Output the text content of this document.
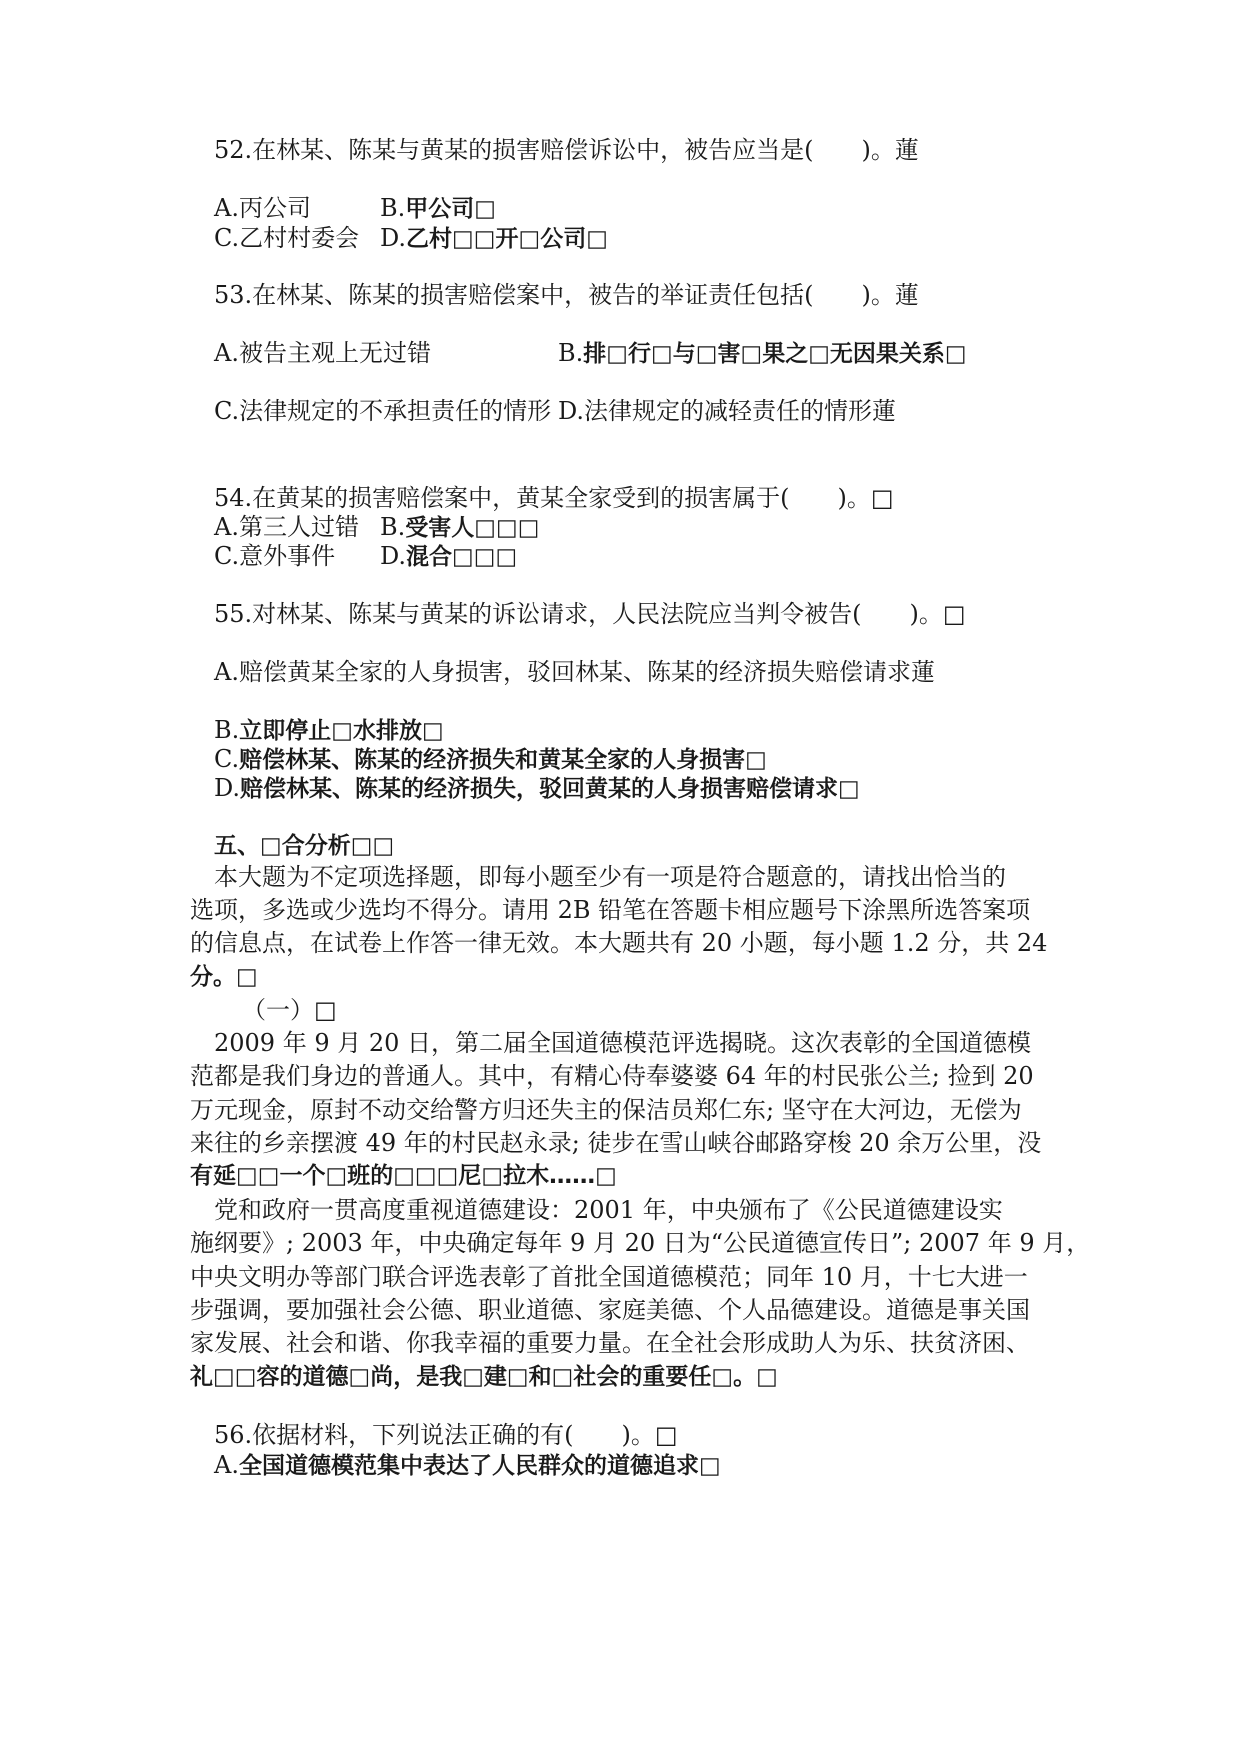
52.在林某、陈某与黄某的损害赔偿诉讼中，被告应当是(　　)。蓮
A.丙公司	B.甲公司□
C.乙村村委会 D.乙村□□开□公司□
53.在林某、陈某的损害赔偿案中，被告的举证责任包括(　　)。蓮
A.被告主观上无过错	B.排□行□与□害□果之□无因果关系□
C.法律规定的不承担责任的情形 D.法律规定的减轻责任的情形蓮
54.在黄某的损害赔偿案中，黄某全家受到的损害属于(　　)。□
A.第三人过错 B.受害人□□□
C.意外事件 D.混合□□□
55.对林某、陈某与黄某的诉讼请求，人民法院应当判令被告(　　)。□
A.赔偿黄某全家的人身损害，驳回林某、陈某的经济损失赔偿请求蓮
B.立即停止□水排放□
C.赔偿林某、陈某的经济损失和黄某全家的人身损害□
D.赔偿林某、陈某的经济损失，驳回黄某的人身损害赔偿请求□
五、□合分析□□
本大题为不定项选择题，即每小题至少有一项是符合题意的，请找出恰当的
选项，多选或少选均不得分。请用 2B 铅笔在答题卡相应题号下涂黑所选答案项
的信息点，在试卷上作答一律无效。本大题共有 20 小题，每小题 1.2 分，共 24
分。□
（一）□
2009 年 9 月 20 日，第二届全国道德模范评选揭晓。这次表彰的全国道德模
范都是我们身边的普通人。其中，有精心侍奉婆婆 64 年的村民张公兰; 捡到 20
万元现金，原封不动交给警方归还失主的保洁员郑仁东; 坚守在大河边，无偿为
来往的乡亲摆渡 49 年的村民赵永录; 徒步在雪山峡谷邮路穿梭 20 余万公里，没
有延□□一个□班的□□□尼□拉木……□
党和政府一贯高度重视道德建设：2001 年，中央颁布了《公民道德建设实
施纲要》; 2003 年，中央确定每年 9 月 20 日为“公民道德宣传日”; 2007 年 9 月，
中央文明办等部门联合评选表彰了首批全国道德模范；同年 10 月，十七大进一
步强调，要加强社会公德、职业道德、家庭美德、个人品德建设。道德是事关国
家发展、社会和谐、你我幸福的重要力量。在全社会形成助人为乐、扶贫济困、
礼□□容的道德□尚，是我□建□和□社会的重要任□。□
56.依据材料，下列说法正确的有(　　)。□
A.全国道德模范集中表达了人民群众的道德追求□
